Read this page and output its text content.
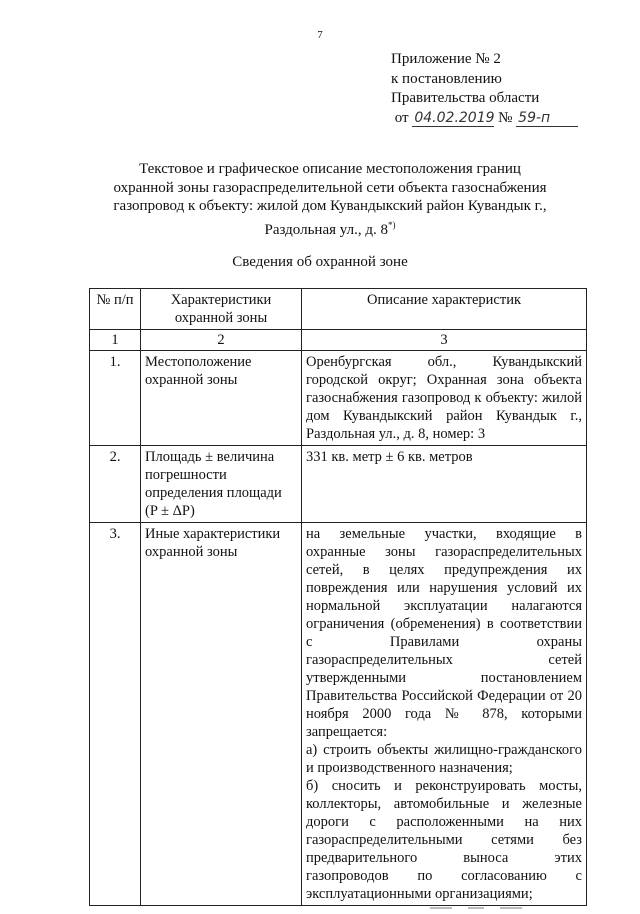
7
Приложение № 2
к постановлению
Правительства области
от 04.02.2019 № 59-п
Текстовое и графическое описание местоположения границ
охранной зоны газораспределительной сети объекта газоснабжения
газопровод к объекту: жилой дом Кувандыкский район Кувандык г.,
Раздольная ул., д. 8*)
Сведения об охранной зоне
№ п/п	Характеристики охранной зоны	Описание характеристик
1	2	3
1.	Местоположение охранной зоны	Оренбургская обл., Кувандыкский городской округ; Охранная зона объекта газоснабжения газопровод к объекту: жилой дом Кувандыкский район Кувандык г., Раздольная ул., д. 8, номер: 3
2.	Площадь ± величина погрешности определения площади (P ± ΔP)	331 кв. метр ± 6 кв. метров
3.	Иные характеристики охранной зоны	на земельные участки, входящие в охранные зоны газораспределительных сетей, в целях предупреждения их повреждения или нарушения условий их нормальной эксплуатации налагаются ограничения (обременения) в соответствии с Правилами охраны газораспределительных сетей утвержденными постановлением Правительства Российской Федерации от 20 ноября 2000 года № 878, которыми запрещается:
а) строить объекты жилищно-гражданского и производственного назначения;
б) сносить и реконструировать мосты, коллекторы, автомобильные и железные дороги с расположенными на них газораспределительными сетями без предварительного выноса этих газопроводов по согласованию с эксплуатационными организациями;
